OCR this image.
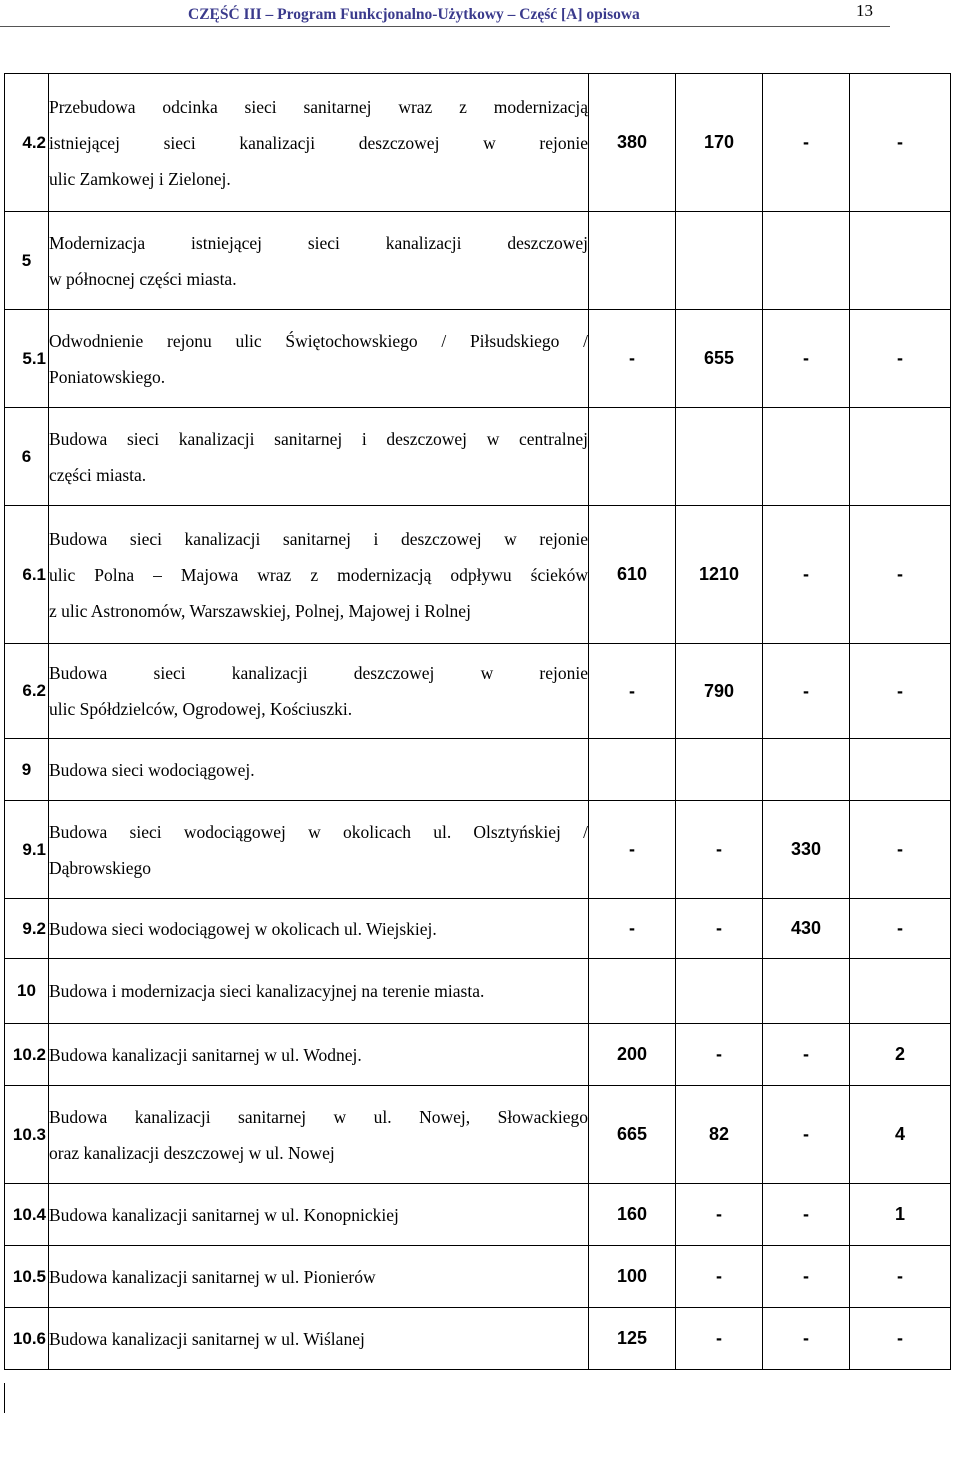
CZĘŚĆ III – Program Funkcjonalno-Użytkowy – Część [A] opisowa	13
4.2	Przebudowa odcinka sieci sanitarnej wraz z modernizacją
istniejącej sieci kanalizacji deszczowej w rejonie
ulic Zamkowej i Zielonej.	380	170	-	-
5	Modernizacja istniejącej sieci kanalizacji deszczowej
w północnej części miasta.				

5.1	Odwodnienie rejonu ulic Świętochowskiego / Piłsudskiego /
Poniatowskiego.	-	655	-	-
6	Budowa sieci kanalizacji sanitarnej i deszczowej w centralnej
części miasta.				

6.1	Budowa sieci kanalizacji sanitarnej i deszczowej w rejonie
ulic Polna – Majowa wraz z modernizacją odpływu ścieków
z ulic Astronomów, Warszawskiej, Polnej, Majowej i Rolnej	610	1210	-	-
6.2	Budowa sieci kanalizacji deszczowej w rejonie
ulic Spółdzielców, Ogrodowej, Kościuszki.	-	790	-	-
9	Budowa sieci wodociągowej.				

9.1	Budowa sieci wodociągowej w okolicach ul. Olsztyńskiej /
Dąbrowskiego	-	-	330	-
9.2	Budowa sieci wodociągowej w okolicach ul. Wiejskiej.	-	-	430	-
10	Budowa i modernizacja sieci kanalizacyjnej na terenie miasta.				

10.2	Budowa kanalizacji sanitarnej w ul. Wodnej.	200	-	-	2
10.3	Budowa kanalizacji sanitarnej w ul. Nowej, Słowackiego
oraz kanalizacji deszczowej w ul. Nowej	665	82	-	4
10.4	Budowa kanalizacji sanitarnej w ul. Konopnickiej	160	-	-	1
10.5	Budowa kanalizacji sanitarnej w ul. Pionierów	100	-	-	-
10.6	Budowa kanalizacji sanitarnej w ul. Wiślanej	125	-	-	-
